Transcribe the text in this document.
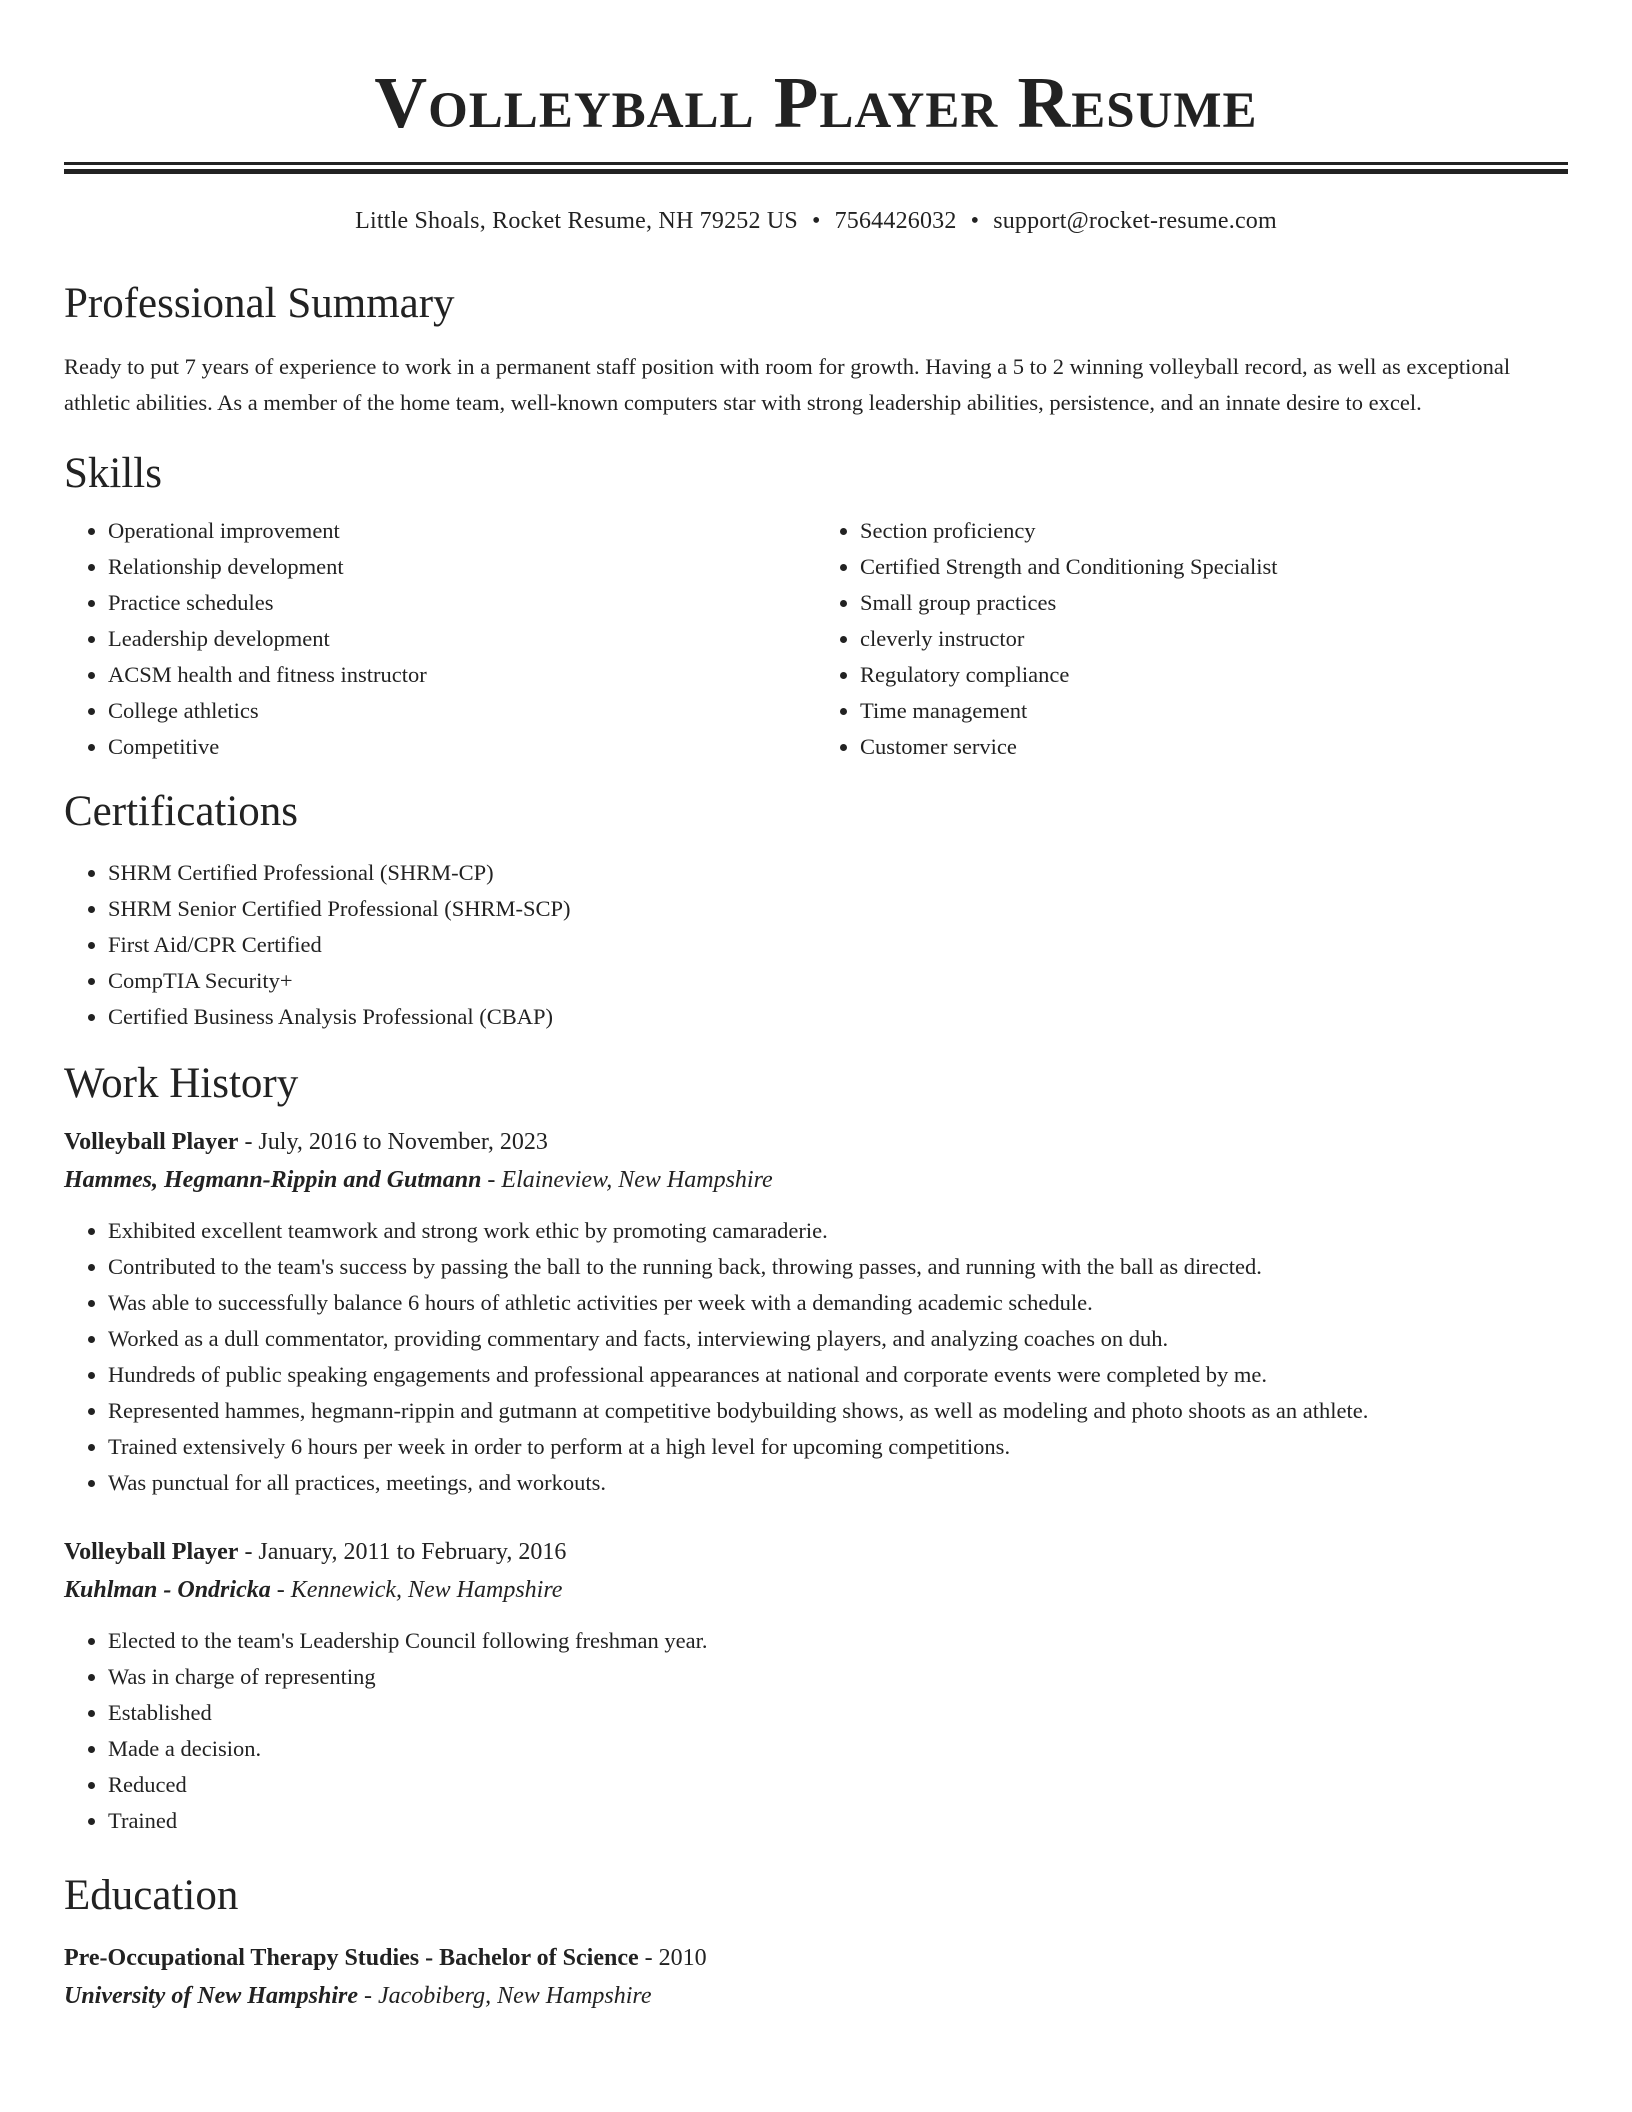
Volleyball Player Resume
Little Shoals, Rocket Resume, NH 79252 US • 7564426032 • support@rocket-resume.com
Professional Summary

Ready to put 7 years of experience to work in a permanent staff position with room for growth. Having a 5 to 2 winning volleyball record, as well as exceptional athletic abilities. As a member of the home team, well-known computers star with strong leadership abilities, persistence, and an innate desire to excel.

Skills
• Operational improvement
• Relationship development
• Practice schedules
• Leadership development
• ACSM health and fitness instructor
• College athletics
• Competitive
• Section proficiency
• Certified Strength and Conditioning Specialist
• Small group practices
• cleverly instructor
• Regulatory compliance
• Time management
• Customer service
Certifications
• SHRM Certified Professional (SHRM-CP)
• SHRM Senior Certified Professional (SHRM-SCP)
• First Aid/CPR Certified
• CompTIA Security+
• Certified Business Analysis Professional (CBAP)
Work History
Volleyball Player - July, 2016 to November, 2023
Hammes, Hegmann-Rippin and Gutmann - Elaineview, New Hampshire
• Exhibited excellent teamwork and strong work ethic by promoting camaraderie.
• Contributed to the team's success by passing the ball to the running back, throwing passes, and running with the ball as directed.
• Was able to successfully balance 6 hours of athletic activities per week with a demanding academic schedule.
• Worked as a dull commentator, providing commentary and facts, interviewing players, and analyzing coaches on duh.
• Hundreds of public speaking engagements and professional appearances at national and corporate events were completed by me.
• Represented hammes, hegmann-rippin and gutmann at competitive bodybuilding shows, as well as modeling and photo shoots as an athlete.
• Trained extensively 6 hours per week in order to perform at a high level for upcoming competitions.
• Was punctual for all practices, meetings, and workouts.
Volleyball Player - January, 2011 to February, 2016
Kuhlman - Ondricka - Kennewick, New Hampshire
• Elected to the team's Leadership Council following freshman year.
• Was in charge of representing
• Established
• Made a decision.
• Reduced
• Trained
Education
Pre-Occupational Therapy Studies - Bachelor of Science - 2010
University of New Hampshire - Jacobiberg, New Hampshire
